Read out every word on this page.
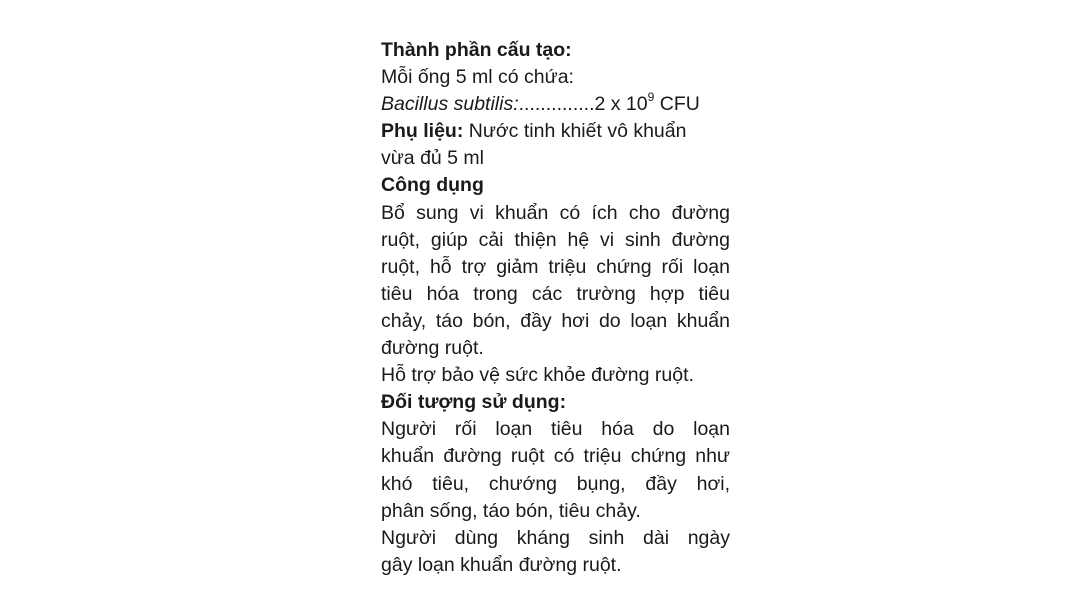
Thành phần cấu tạo:
Mỗi ống 5 ml có chứa:
Bacillus subtilis:..............2 x $10^9$ CFU
Phụ liệu: Nước tinh khiết vô khuẩn
vừa đủ 5 ml
Công dụng
Bổ sung vi khuẩn có ích cho đường
ruột, giúp cải thiện hệ vi sinh đường
ruột, hỗ trợ giảm triệu chứng rối loạn
tiêu hóa trong các trường hợp tiêu
chảy, táo bón, đầy hơi do loạn khuẩn
đường ruột.
Hỗ trợ bảo vệ sức khỏe đường ruột.
Đối tượng sử dụng:
Người rối loạn tiêu hóa do loạn
khuẩn đường ruột có triệu chứng như
khó tiêu, chướng bụng, đầy hơi,
phân sống, táo bón, tiêu chảy.
Người dùng kháng sinh dài ngày
gây loạn khuẩn đường ruột.
